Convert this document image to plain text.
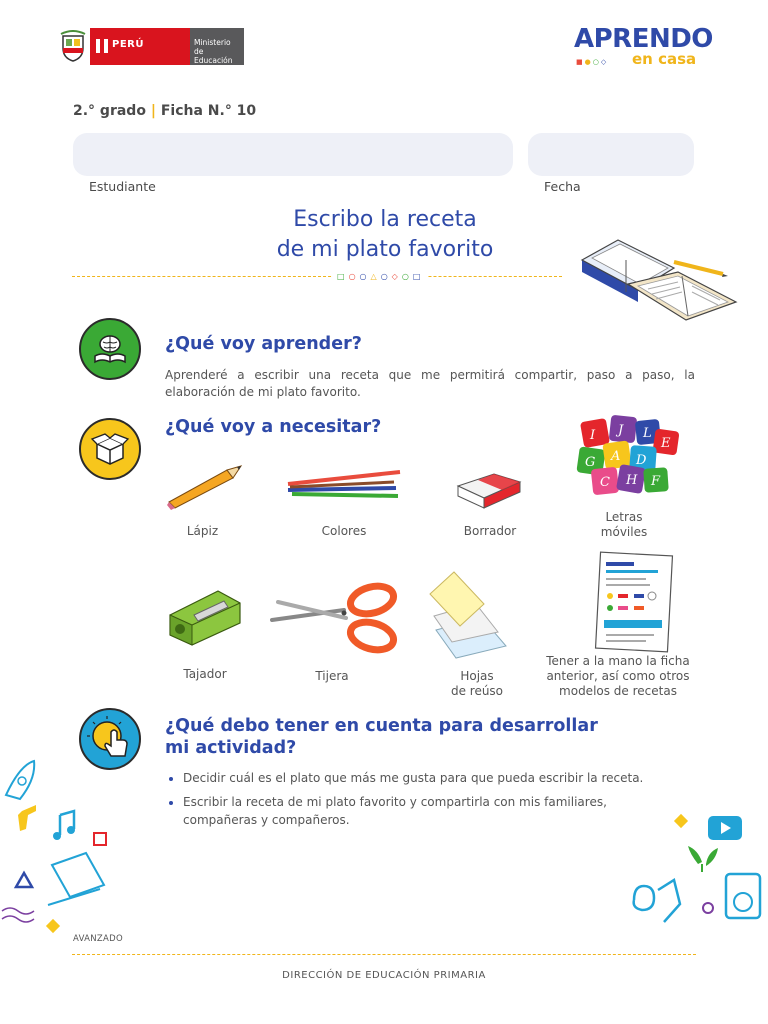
PERÚ	Ministerio
de Educación
APRENDO
■●○◇ en casa
2.° grado | Ficha N.° 10
Estudiante	Fecha
Escribo la receta
de mi plato favorito
□○○△○◇○□
¿Qué voy aprender?
Aprenderé a escribir una receta que me permitirá compartir, paso a paso, la elaboración de mi plato favorito.
¿Qué voy a necesitar?
Lápiz	Colores	Borrador
I J L
E
G A D
C H F
Letras
móviles
Tajador	Tijera	Hojas
de reúso
Tener a la mano la ficha
anterior, así como otros
modelos de recetas
¿Qué debo tener en cuenta para desarrollar
mi actividad?
• Decidir cuál es el plato que más me gusta para que pueda escribir la receta.
• Escribir la receta de mi plato favorito y compartirla con mis familiares, compañeras y compañeros.
AVANZADO
DIRECCIÓN DE EDUCACIÓN PRIMARIA
